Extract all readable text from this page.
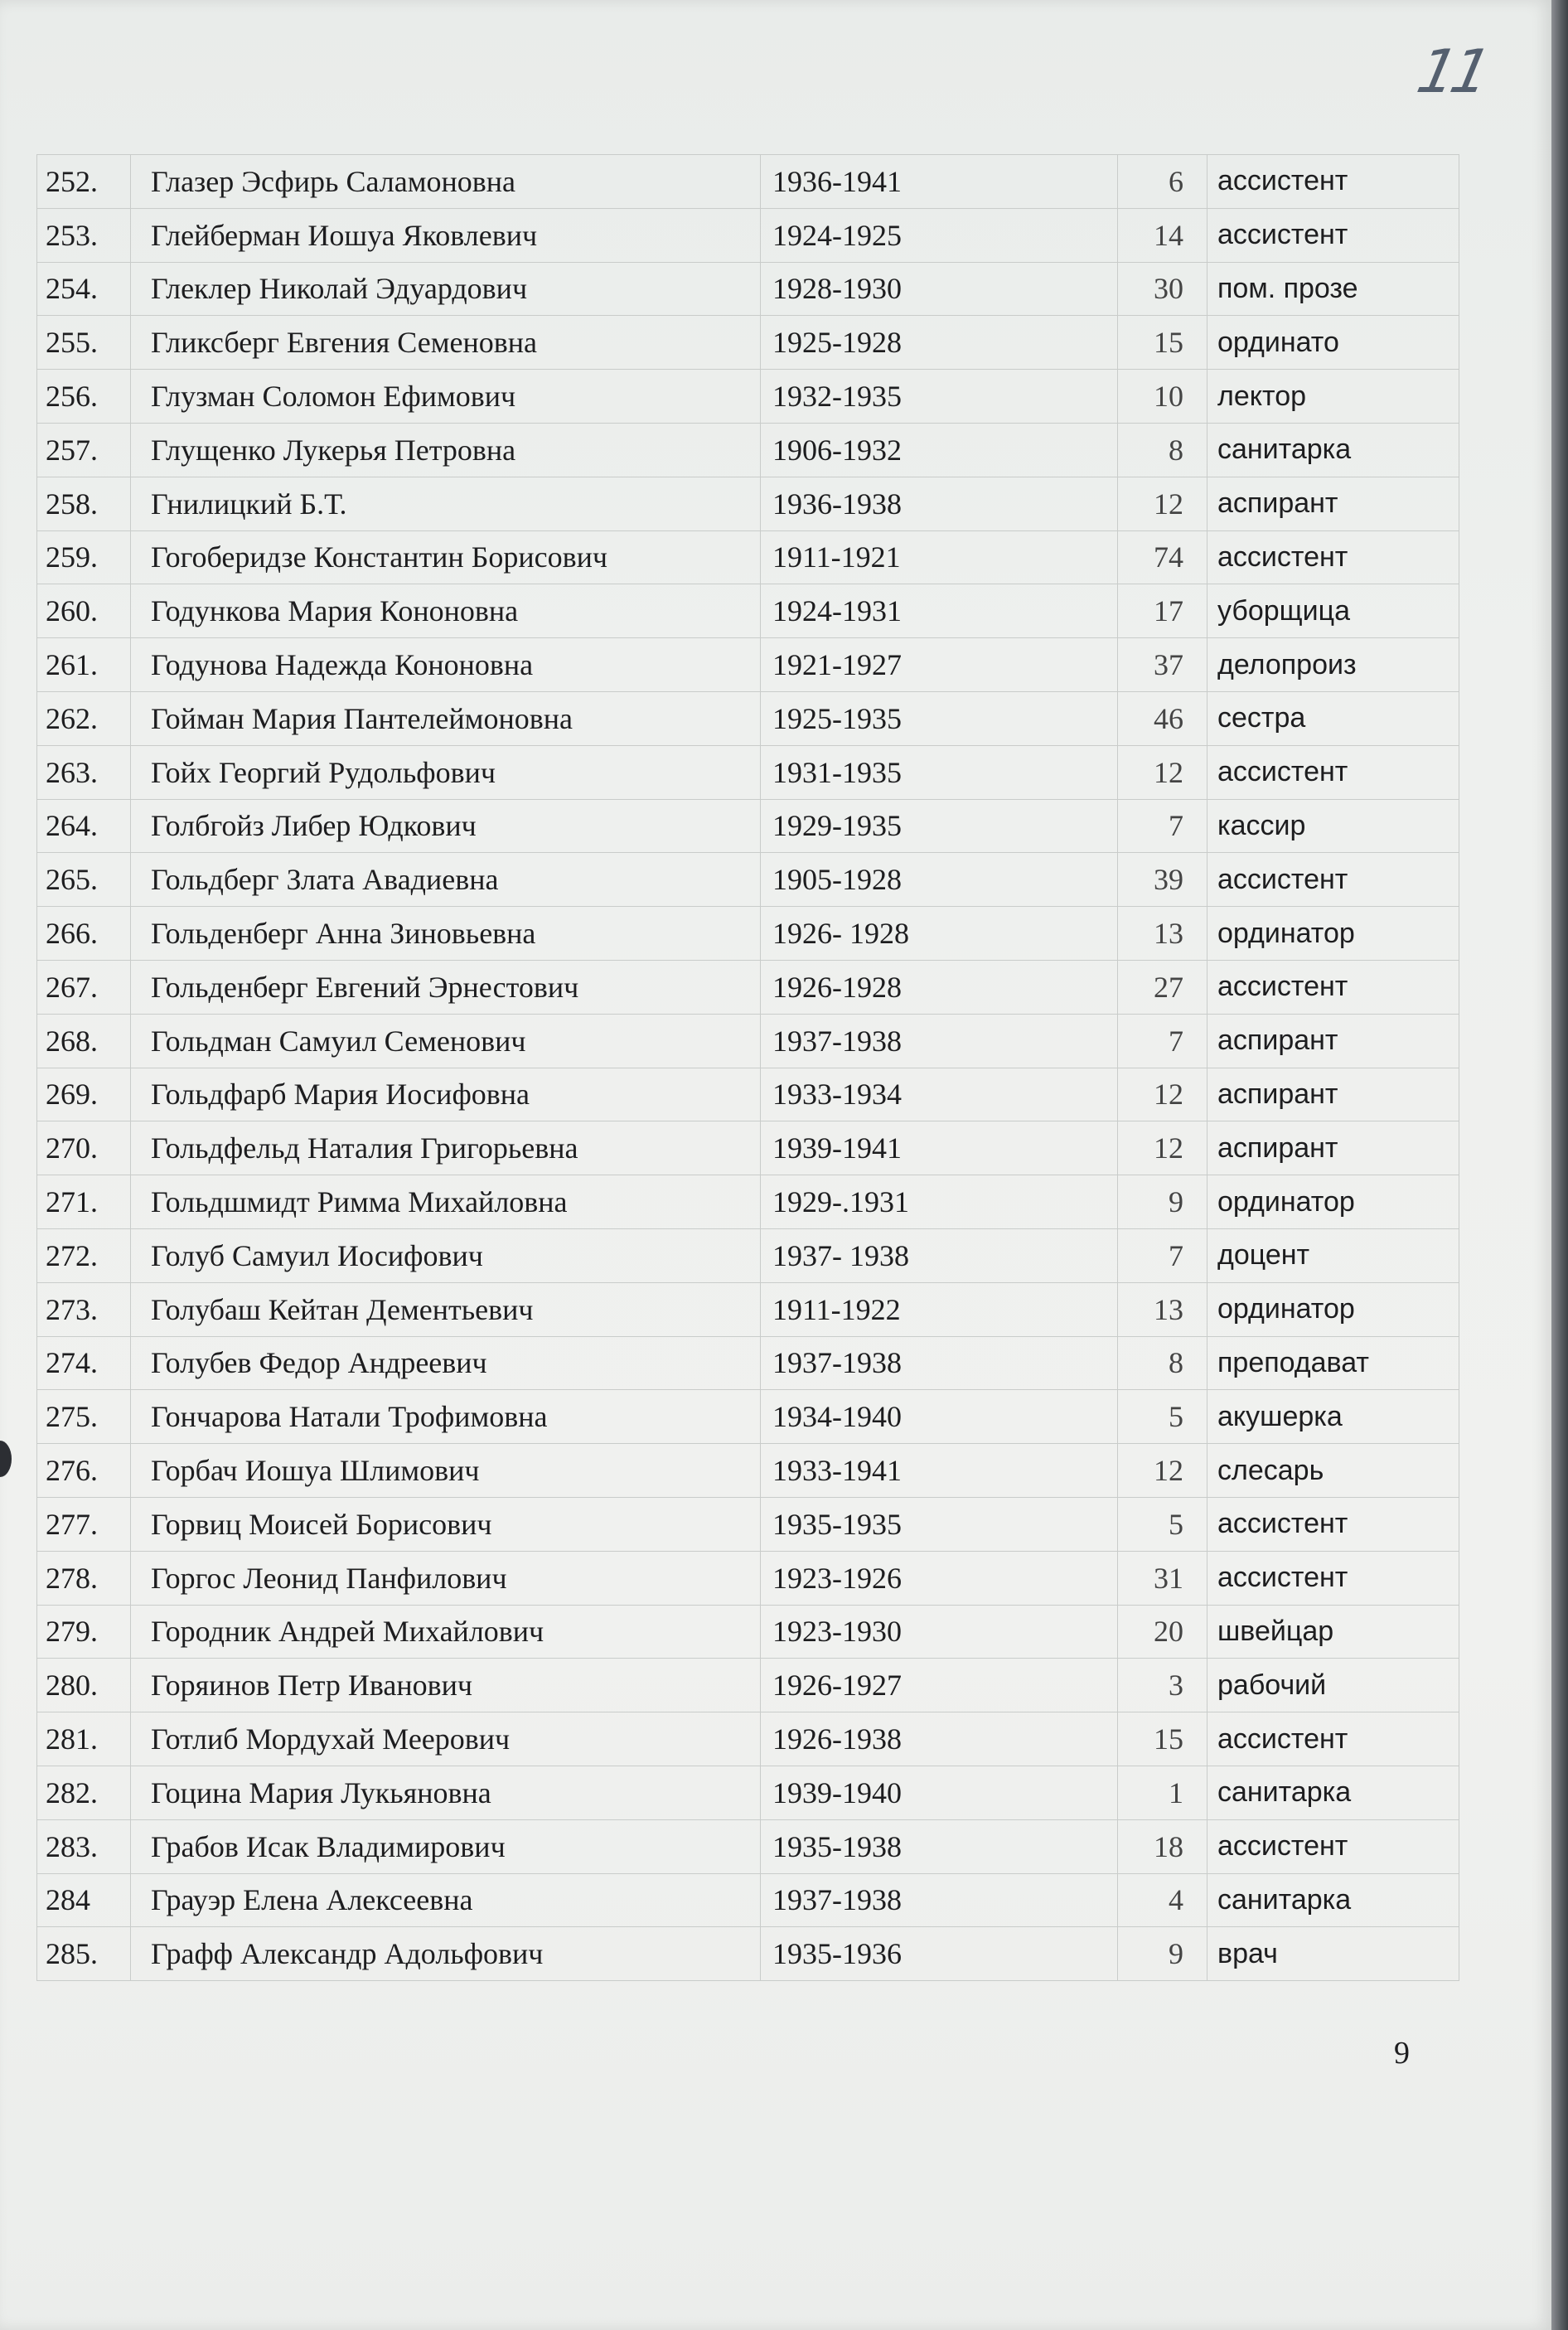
11
252.	Глазер Эсфирь Саламоновна	1936-1941	6	ассистент
253.	Глейберман Иошуа Яковлевич	1924-1925	14	ассистент
254.	Глеклер Николай Эдуардович	1928-1930	30	пом. прозе
255.	Гликсберг Евгения Семеновна	1925-1928	15	ординато
256.	Глузман Соломон Ефимович	1932-1935	10	лектор
257.	Глущенко Лукерья Петровна	1906-1932	8	санитарка
258.	Гнилицкий Б.Т.	1936-1938	12	аспирант
259.	Гогоберидзе Константин Борисович	1911-1921	74	ассистент
260.	Годункова Мария Кононовна	1924-1931	17	уборщица
261.	Годунова Надежда Кононовна	1921-1927	37	делопроиз
262.	Гойман Мария Пантелеймоновна	1925-1935	46	сестра
263.	Гойх Георгий Рудольфович	1931-1935	12	ассистент
264.	Голбгойз Либер Юдкович	1929-1935	7	кассир
265.	Гольдберг Злата Авадиевна	1905-1928	39	ассистент
266.	Гольденберг Анна Зиновьевна	1926- 1928	13	ординатор
267.	Гольденберг Евгений Эрнестович	1926-1928	27	ассистент
268.	Гольдман Самуил Семенович	1937-1938	7	аспирант
269.	Гольдфарб Мария Иосифовна	1933-1934	12	аспирант
270.	Гольдфельд Наталия Григорьевна	1939-1941	12	аспирант
271.	Гольдшмидт Римма Михайловна	1929-.1931	9	ординатор
272.	Голуб Самуил Иосифович	1937- 1938	7	доцент
273.	Голубаш Кейтан Дементьевич	1911-1922	13	ординатор
274.	Голубев Федор Андреевич	1937-1938	8	преподават
275.	Гончарова Натали Трофимовна	1934-1940	5	акушерка
276.	Горбач Иошуа Шлимович	1933-1941	12	слесарь
277.	Горвиц Моисей Борисович	1935-1935	5	ассистент
278.	Горгос Леонид Панфилович	1923-1926	31	ассистент
279.	Городник Андрей Михайлович	1923-1930	20	швейцар
280.	Горяинов Петр Иванович	1926-1927	3	рабочий
281.	Готлиб Мордухай Меерович	1926-1938	15	ассистент
282.	Гоцина Мария Лукьяновна	1939-1940	1	санитарка
283.	Грабов Исак Владимирович	1935-1938	18	ассистент
284	Грауэр Елена Алексеевна	1937-1938	4	санитарка
285.	Графф Александр Адольфович	1935-1936	9	врач
9
